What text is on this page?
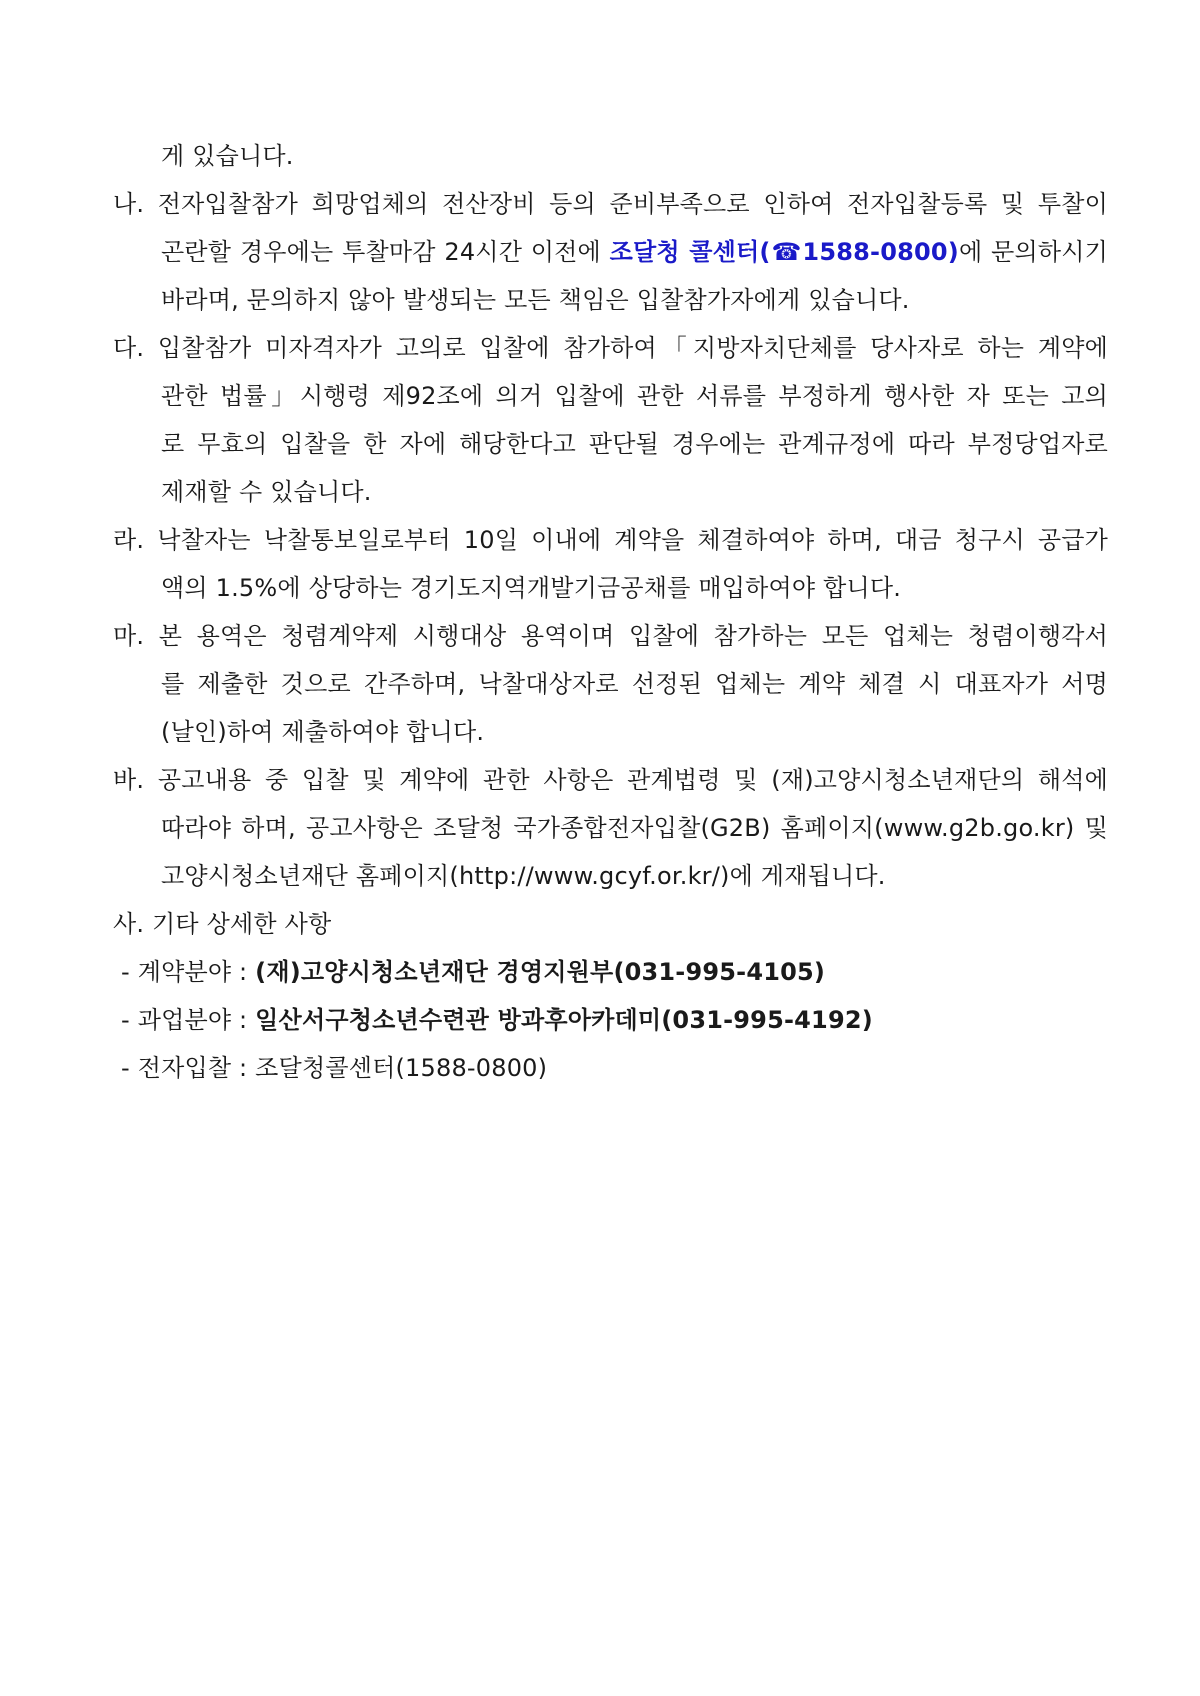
게 있습니다.
나. 전자입찰참가 희망업체의 전산장비 등의 준비부족으로 인하여 전자입찰등록 및 투찰이
곤란할 경우에는 투찰마감 24시간 이전에 조달청 콜센터(☎1588-0800)에 문의하시기
바라며, 문의하지 않아 발생되는 모든 책임은 입찰참가자에게 있습니다.
다. 입찰참가 미자격자가 고의로 입찰에 참가하여「지방자치단체를 당사자로 하는 계약에
관한 법률」시행령 제92조에 의거 입찰에 관한 서류를 부정하게 행사한 자 또는 고의
로 무효의 입찰을 한 자에 해당한다고 판단될 경우에는 관계규정에 따라 부정당업자로
제재할 수 있습니다.
라. 낙찰자는 낙찰통보일로부터 10일 이내에 계약을 체결하여야 하며, 대금 청구시 공급가
액의 1.5%에 상당하는 경기도지역개발기금공채를 매입하여야 합니다.
마. 본 용역은 청렴계약제 시행대상 용역이며 입찰에 참가하는 모든 업체는 청렴이행각서
를 제출한 것으로 간주하며, 낙찰대상자로 선정된 업체는 계약 체결 시 대표자가 서명
(날인)하여 제출하여야 합니다.
바. 공고내용 중 입찰 및 계약에 관한 사항은 관계법령 및 (재)고양시청소년재단의 해석에
따라야 하며, 공고사항은 조달청 국가종합전자입찰(G2B) 홈페이지(www.g2b.go.kr) 및
고양시청소년재단 홈페이지(http://www.gcyf.or.kr/)에 게재됩니다.
사. 기타 상세한 사항
- 계약분야 : (재)고양시청소년재단 경영지원부(031-995-4105)
- 과업분야 : 일산서구청소년수련관 방과후아카데미(031-995-4192)
- 전자입찰 : 조달청콜센터(1588-0800)
